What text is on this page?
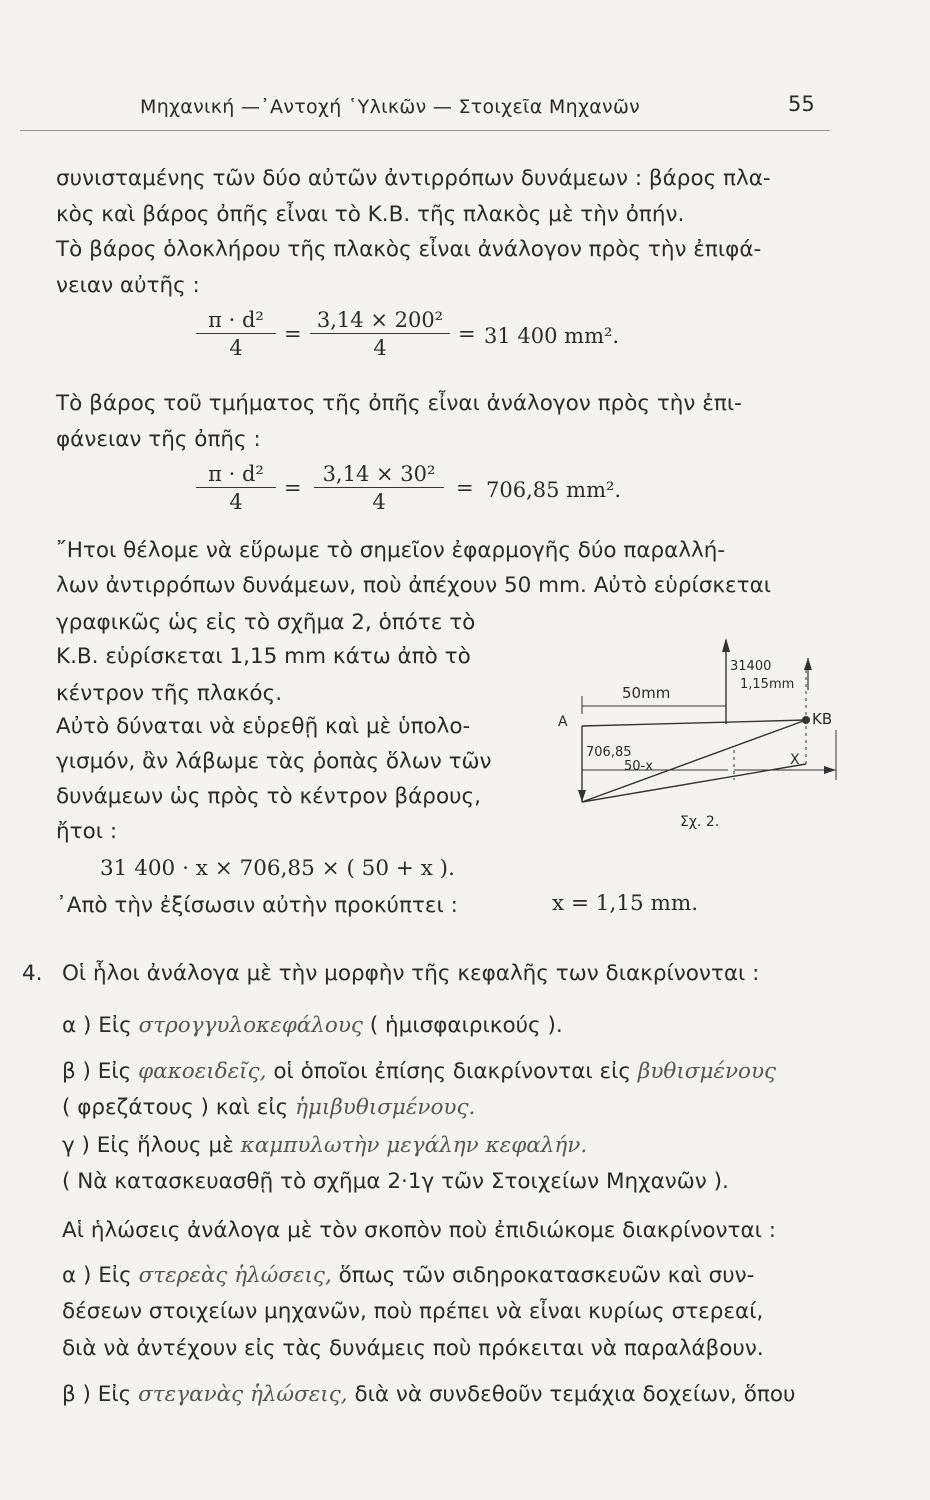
Μηχανική —᾿Αντοχή ῾Υλικῶν — Στοιχεῖα Μηχανῶν	55
συνισταμένης τῶν δύο αὐτῶν ἀντιρρόπων δυνάμεων : βάρος πλα-
κὸς καὶ βάρος ὀπῆς εἶναι τὸ Κ.Β. τῆς πλακὸς μὲ τὴν ὀπήν.
Τὸ βάρος ὁλοκλήρου τῆς πλακὸς εἶναι ἀνάλογον πρὸς τὴν ἐπιφά-
νειαν αὐτῆς :
π · d²
4
=
3,14 × 200²
4
= 31 400 mm².
Τὸ βάρος τοῦ τμήματος τῆς ὀπῆς εἶναι ἀνάλογον πρὸς τὴν ἐπι-
φάνειαν τῆς ὀπῆς :
π · d²
4
=
3,14 × 30²
4
= 706,85 mm².
῎Ητοι θέλομε νὰ εὕρωμε τὸ σημεῖον ἐφαρμογῆς δύο παραλλή-
λων ἀντιρρόπων δυνάμεων, ποὺ ἀπέχουν 50 mm. Αὐτὸ εὑρίσκεται
γραφικῶς ὡς εἰς τὸ σχῆμα 2, ὁπότε τὸ
Κ.Β. εὑρίσκεται 1,15 mm κάτω ἀπὸ τὸ
κέντρον τῆς πλακός.
Αὐτὸ δύναται νὰ εὑρεθῇ καὶ μὲ ὑπολο-
γισμόν, ἂν λάβωμε τὰς ῥοπὰς ὅλων τῶν
δυνάμεων ὡς πρὸς τὸ κέντρον βάρους,
ἤτοι :
31400
1,15mm
50mm
A	KB
706,85
50-x	X
Σχ. 2.
31 400 · x × 706,85 × ( 50 + x ).
᾿Απὸ τὴν ἐξίσωσιν αὐτὴν προκύπτει :	x = 1,15 mm.
4. Οἱ ἧλοι ἀνάλογα μὲ τὴν μορφὴν τῆς κεφαλῆς των διακρίνονται :
α ) Εἰς στρογγυλοκεφάλους ( ἡμισφαιρικούς ).
β ) Εἰς φακοειδεῖς, οἱ ὁποῖοι ἐπίσης διακρίνονται εἰς βυθισμένους
( φρεζάτους ) καὶ εἰς ἡμιβυθισμένους.
γ ) Εἰς ἥλους μὲ καμπυλωτὴν μεγάλην κεφαλήν.
( Νὰ κατασκευασθῇ τὸ σχῆμα 2·1γ τῶν Στοιχείων Μηχανῶν ).
Αἱ ἡλώσεις ἀνάλογα μὲ τὸν σκοπὸν ποὺ ἐπιδιώκομε διακρίνονται :
α ) Εἰς στερεὰς ἡλώσεις, ὅπως τῶν σιδηροκατασκευῶν καὶ συν-
δέσεων στοιχείων μηχανῶν, ποὺ πρέπει νὰ εἶναι κυρίως στερεαί,
διὰ νὰ ἀντέχουν εἰς τὰς δυνάμεις ποὺ πρόκειται νὰ παραλάβουν.
β ) Εἰς στεγανὰς ἡλώσεις, διὰ νὰ συνδεθοῦν τεμάχια δοχείων, ὅπου
